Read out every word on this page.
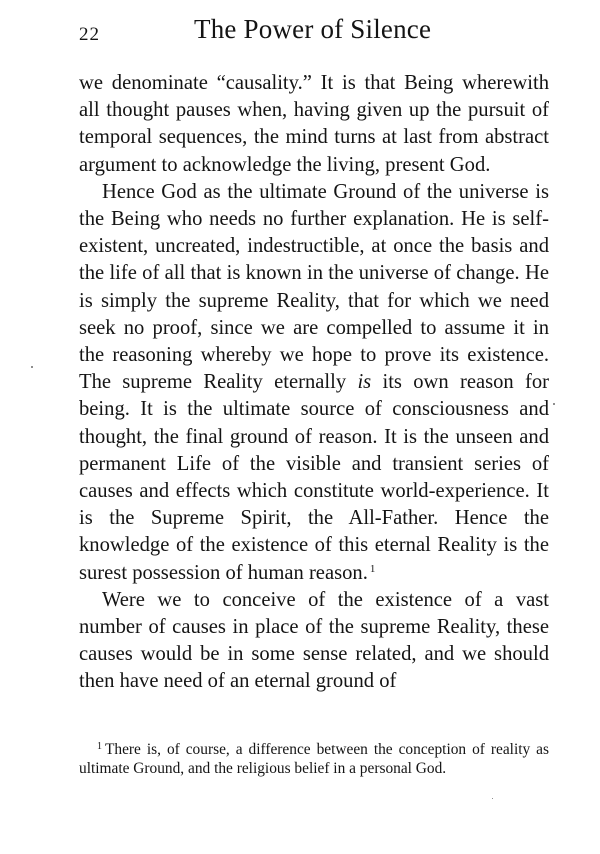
22	The Power of Silence

we denominate “causality.” It is that Being wherewith all thought pauses when, having given up the pursuit of temporal sequences, the mind turns at last from abstract argument to acknowledge the living, present God.

Hence God as the ultimate Ground of the universe is the Being who needs no further explanation. He is self-existent, uncreated, indestructible, at once the basis and the life of all that is known in the universe of change. He is simply the supreme Reality, that for which we need seek no proof, since we are compelled to assume it in the reasoning whereby we hope to prove its existence. The supreme Reality eternally is its own reason for being. It is the ultimate source of consciousness and thought, the final ground of reason. It is the unseen and permanent Life of the visible and transient series of causes and effects which constitute world-experience. It is the Supreme Spirit, the All-Father. Hence the knowledge of the existence of this eternal Reality is the surest possession of human reason. $^1$

Were we to conceive of the existence of a vast number of causes in place of the supreme Reality, these causes would be in some sense related, and we should then have need of an eternal ground of

$^1$ There is, of course, a difference between the conception of reality as ultimate Ground, and the religious belief in a personal God.
